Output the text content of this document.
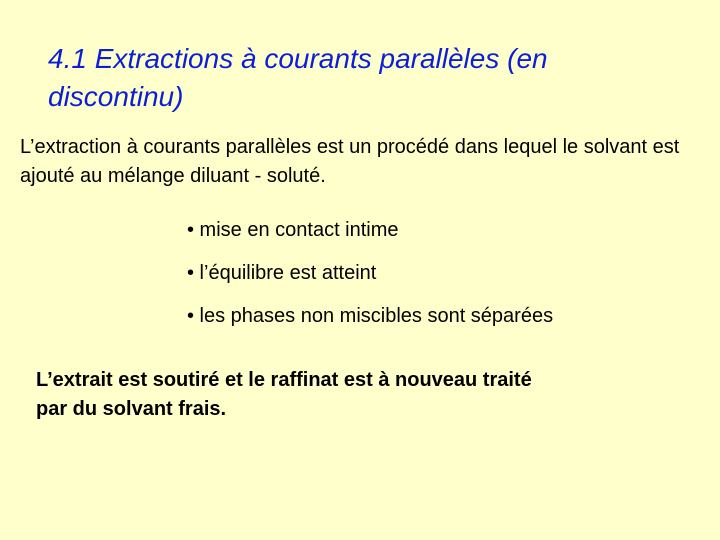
4.1 Extractions à courants parallèles (en discontinu)

L’extraction à courants parallèles est un procédé dans lequel le solvant est ajouté au mélange diluant - soluté.

• mise en contact intime
• l’équilibre est atteint
• les phases non miscibles sont séparées

L’extrait est soutiré et le raffinat est à nouveau traité par du solvant frais.
